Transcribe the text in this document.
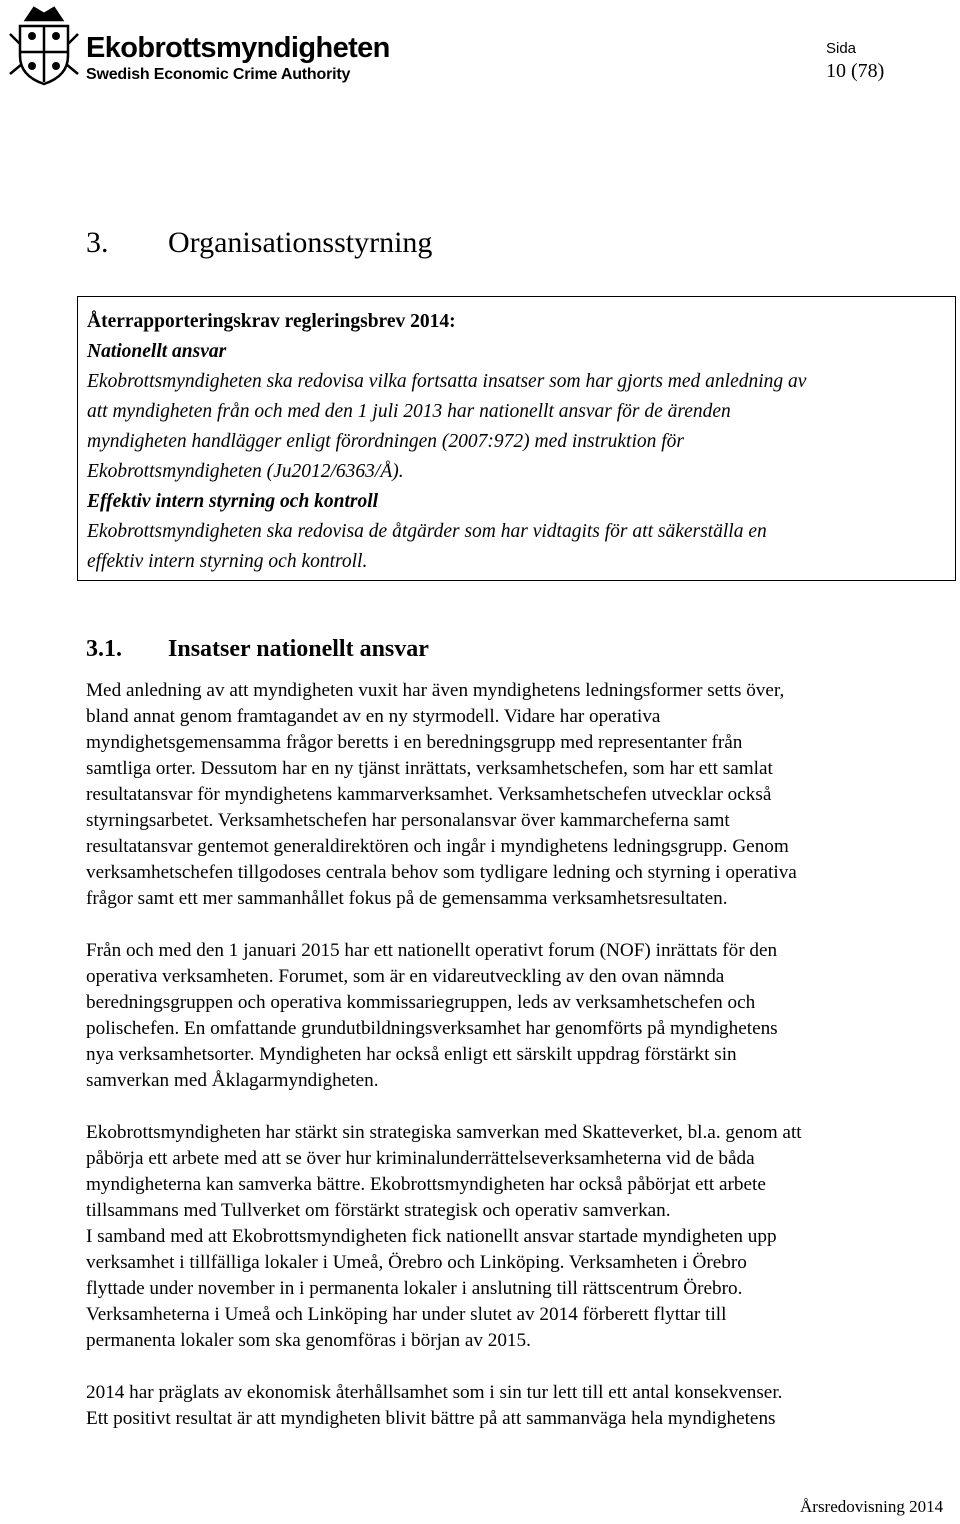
Ekobrottsmyndigheten
Swedish Economic Crime Authority
Sida
10 (78)
3. Organisationsstyrning

Återrapporteringskrav regleringsbrev 2014:

Nationellt ansvar

Ekobrottsmyndigheten ska redovisa vilka fortsatta insatser som har gjorts med anledning av

att myndigheten från och med den 1 juli 2013 har nationellt ansvar för de ärenden

myndigheten handlägger enligt förordningen (2007:972) med instruktion för

Ekobrottsmyndigheten (Ju2012/6363/Å).

Effektiv intern styrning och kontroll

Ekobrottsmyndigheten ska redovisa de åtgärder som har vidtagits för att säkerställa en

effektiv intern styrning och kontroll.

3.1. Insatser nationellt ansvar

Med anledning av att myndigheten vuxit har även myndighetens ledningsformer setts över,
bland annat genom framtagandet av en ny styrmodell. Vidare har operativa
myndighetsgemensamma frågor beretts i en beredningsgrupp med representanter från
samtliga orter. Dessutom har en ny tjänst inrättats, verksamhetschefen, som har ett samlat
resultatansvar för myndighetens kammarverksamhet. Verksamhetschefen utvecklar också
styrningsarbetet. Verksamhetschefen har personalansvar över kammarcheferna samt
resultatansvar gentemot generaldirektören och ingår i myndighetens ledningsgrupp. Genom
verksamhetschefen tillgodoses centrala behov som tydligare ledning och styrning i operativa
frågor samt ett mer sammanhållet fokus på de gemensamma verksamhetsresultaten.

Från och med den 1 januari 2015 har ett nationellt operativt forum (NOF) inrättats för den
operativa verksamheten. Forumet, som är en vidareutveckling av den ovan nämnda
beredningsgruppen och operativa kommissariegruppen, leds av verksamhetschefen och
polischefen. En omfattande grundutbildningsverksamhet har genomförts på myndighetens
nya verksamhetsorter. Myndigheten har också enligt ett särskilt uppdrag förstärkt sin
samverkan med Åklagarmyndigheten.

Ekobrottsmyndigheten har stärkt sin strategiska samverkan med Skatteverket, bl.a. genom att
påbörja ett arbete med att se över hur kriminalunderrättelseverksamheterna vid de båda
myndigheterna kan samverka bättre. Ekobrottsmyndigheten har också påbörjat ett arbete
tillsammans med Tullverket om förstärkt strategisk och operativ samverkan.

I samband med att Ekobrottsmyndigheten fick nationellt ansvar startade myndigheten upp
verksamhet i tillfälliga lokaler i Umeå, Örebro och Linköping. Verksamheten i Örebro
flyttade under november in i permanenta lokaler i anslutning till rättscentrum Örebro.
Verksamheterna i Umeå och Linköping har under slutet av 2014 förberett flyttar till
permanenta lokaler som ska genomföras i början av 2015.

2014 har präglats av ekonomisk återhållsamhet som i sin tur lett till ett antal konsekvenser.
Ett positivt resultat är att myndigheten blivit bättre på att sammanväga hela myndighetens

Årsredovisning 2014
